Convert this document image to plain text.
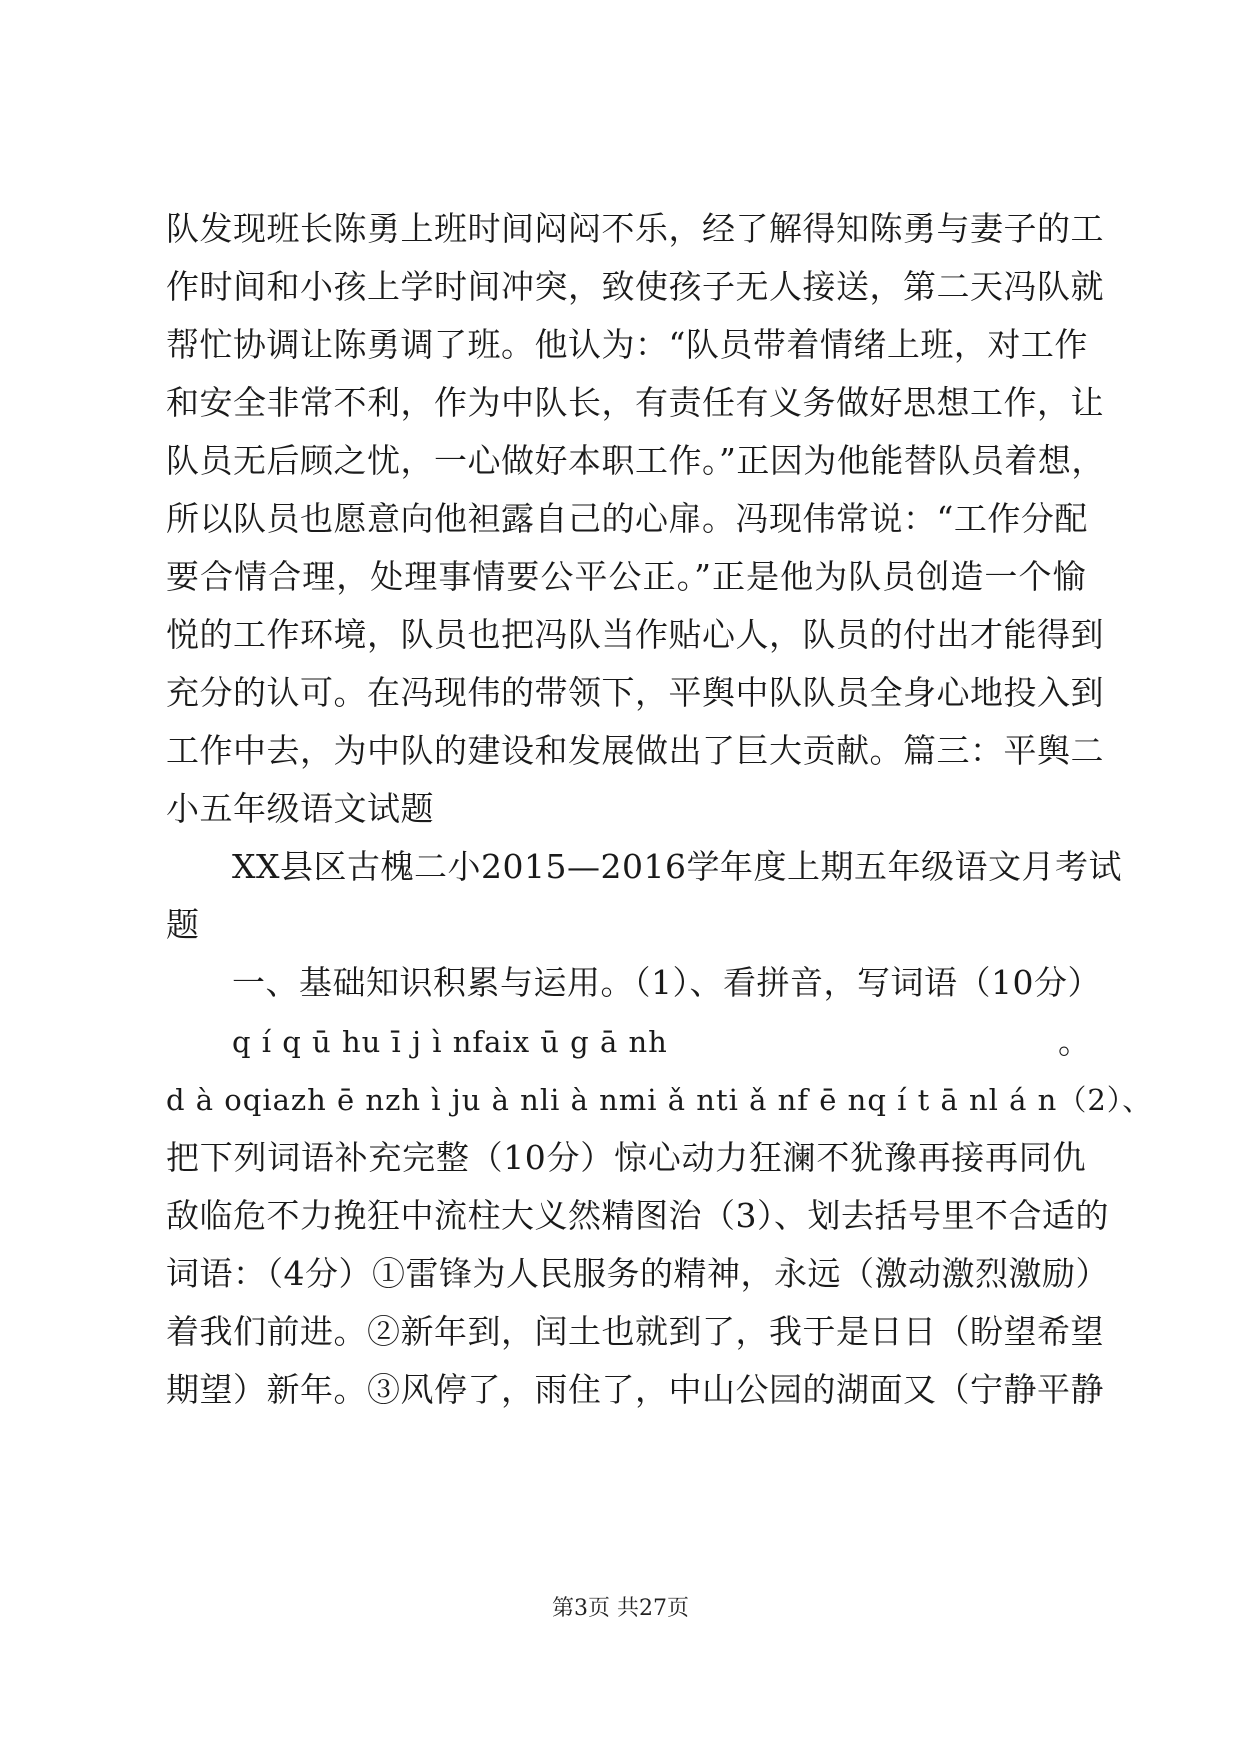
队发现班长陈勇上班时间闷闷不乐，经了解得知陈勇与妻子的工
作时间和小孩上学时间冲突，致使孩子无人接送，第二天冯队就
帮忙协调让陈勇调了班。他认为：“队员带着情绪上班，对工作
和安全非常不利，作为中队长，有责任有义务做好思想工作，让
队员无后顾之忧，一心做好本职工作。”正因为他能替队员着想，
所以队员也愿意向他袒露自己的心扉。冯现伟常说：“工作分配
要合情合理，处理事情要公平公正。”正是他为队员创造一个愉
悦的工作环境，队员也把冯队当作贴心人，队员的付出才能得到
充分的认可。在冯现伟的带领下，平舆中队队员全身心地投入到
工作中去，为中队的建设和发展做出了巨大贡献。篇三：平舆二
小五年级语文试题
XX县区古槐二小2015—2016学年度上期五年级语文月考试
题
一、基础知识积累与运用。（1）、看拼音，写词语（10分）
q í q ū hu ī j ì nfaix ū g ā nh	。
d à oqiazh ē nzh ì ju à nli à nmi ǎ nti ǎ nf ē nq í t ā nl á n（2）、
把下列词语补充完整（10分）惊心动力狂澜不犹豫再接再同仇
敌临危不力挽狂中流柱大义然精图治（3）、划去括号里不合适的
词语：（4分）①雷锋为人民服务的精神，永远（激动激烈激励）
着我们前进。②新年到，闰土也就到了，我于是日日（盼望希望
期望）新年。③风停了，雨住了，中山公园的湖面又（宁静平静
第3页 共27页
